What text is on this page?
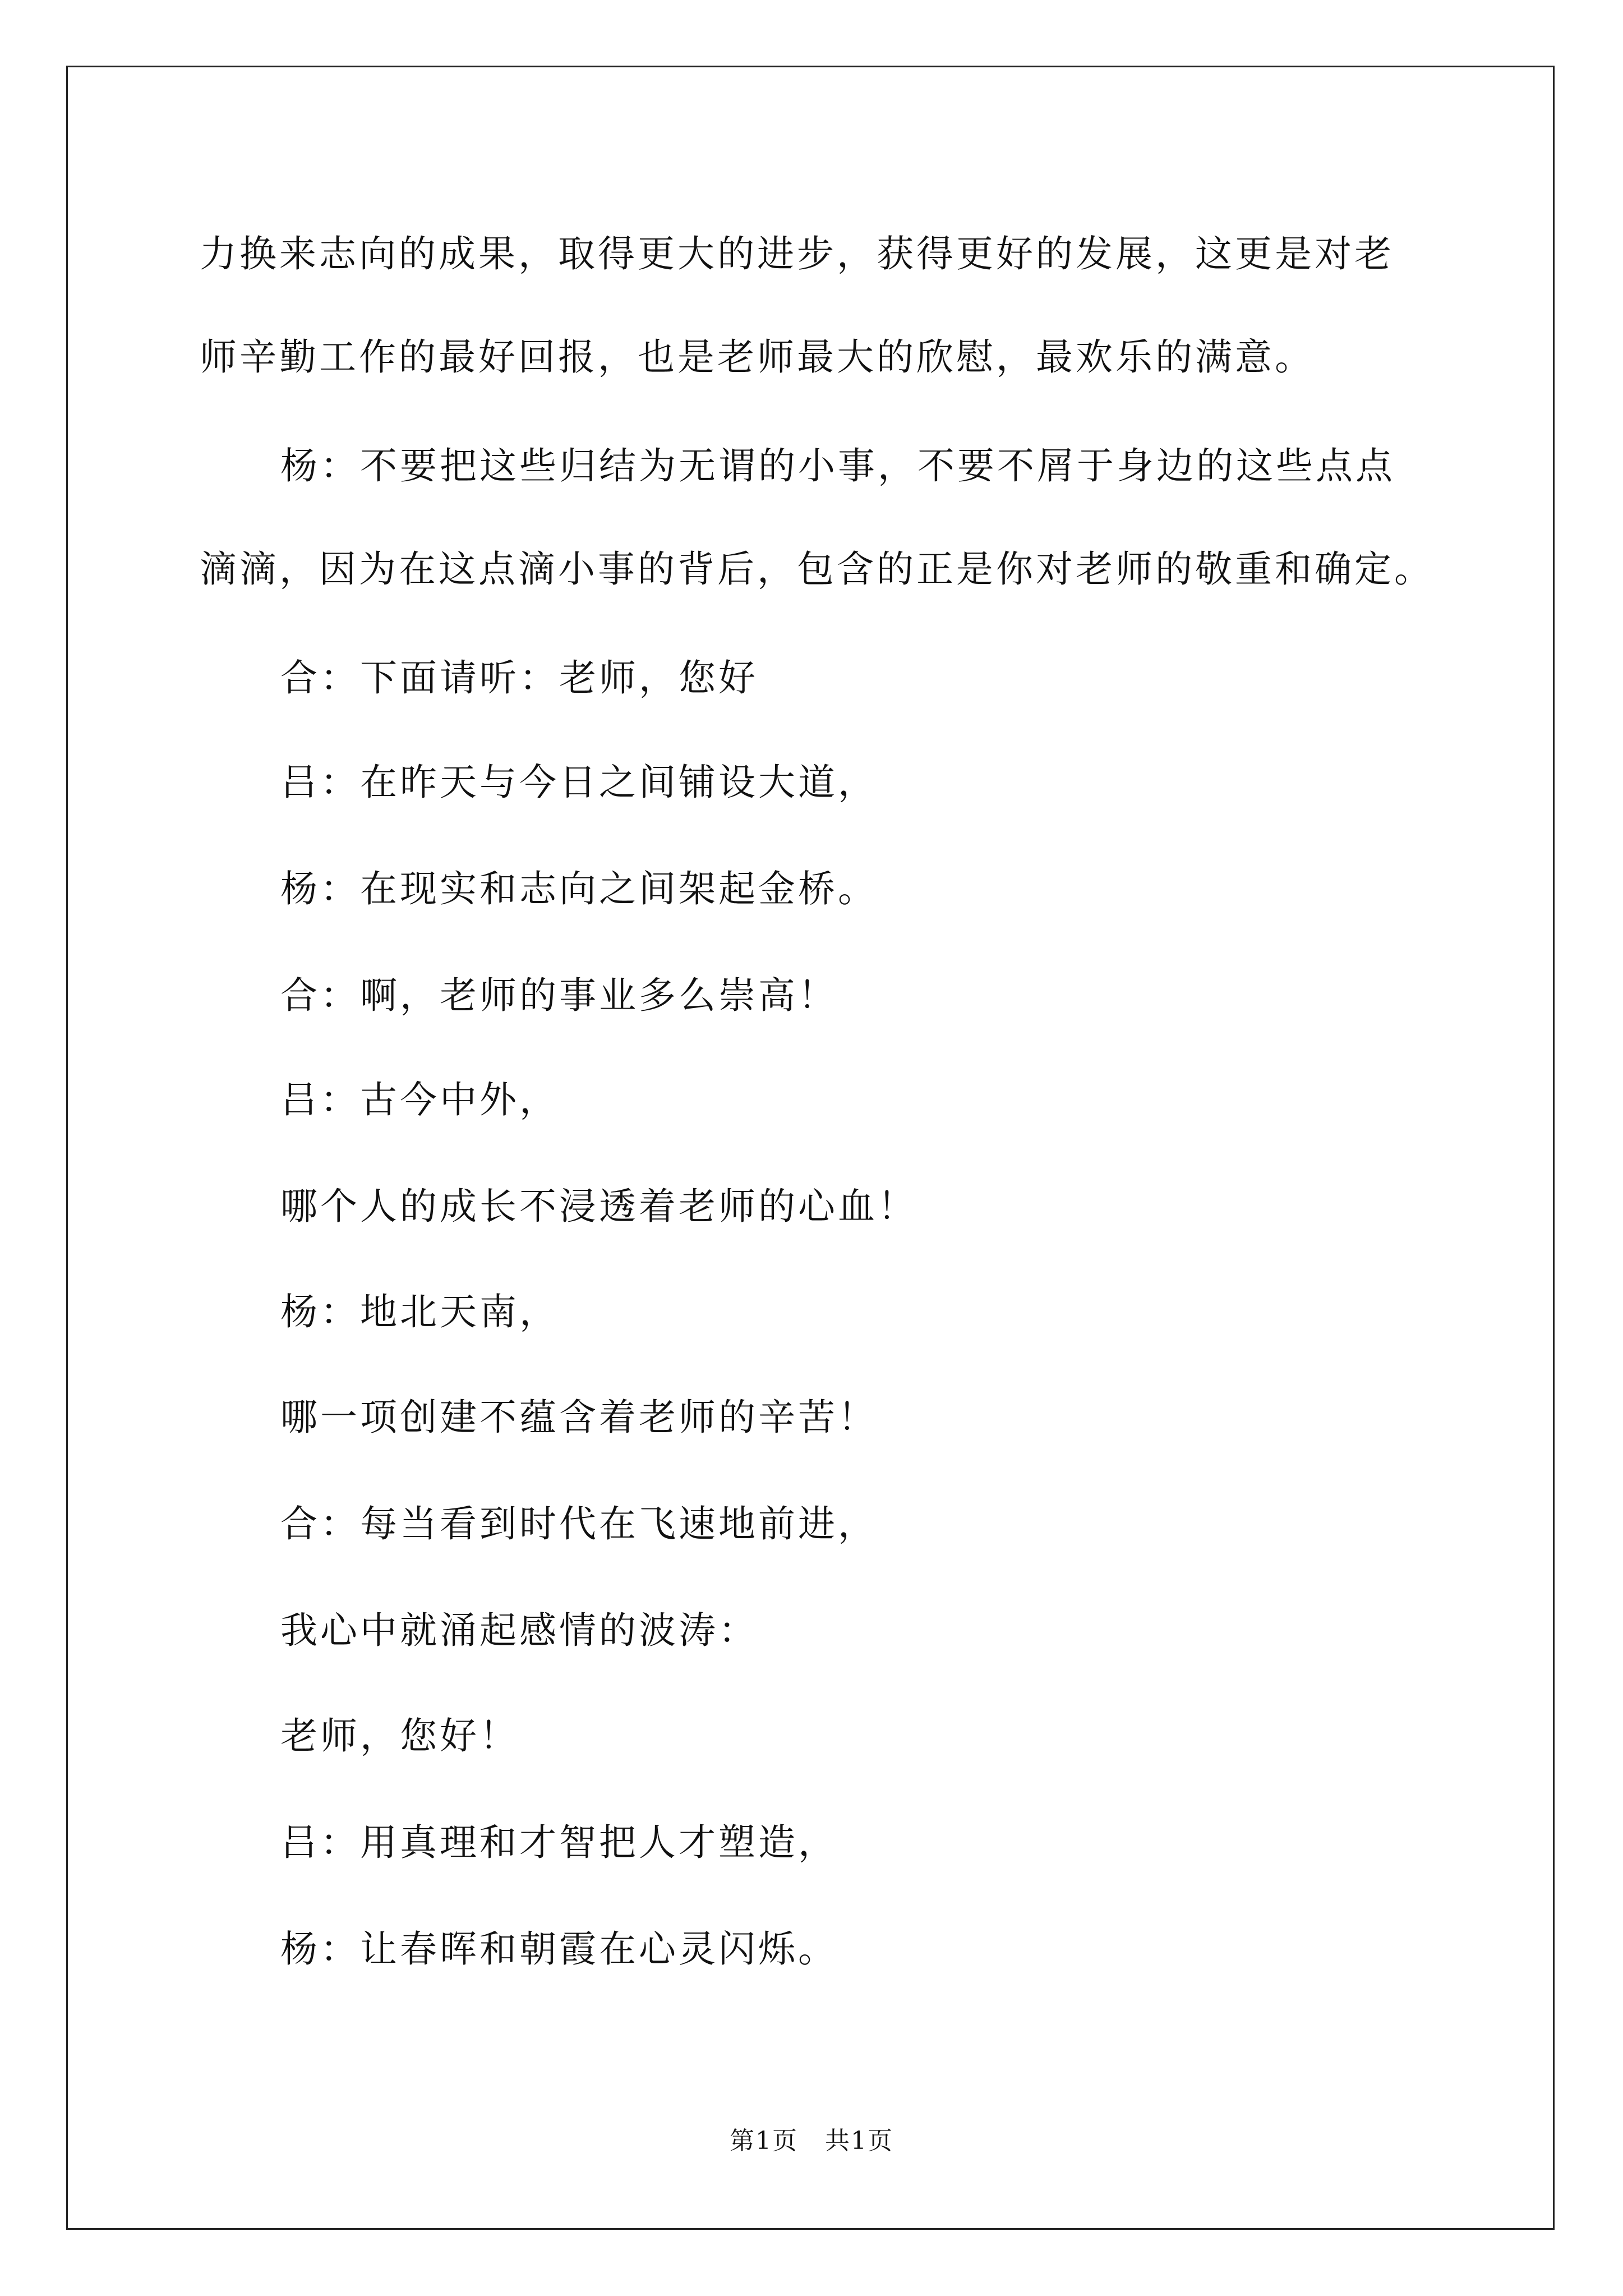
力换来志向的成果，取得更大的进步，获得更好的发展，这更是对老
师辛勤工作的最好回报，也是老师最大的欣慰，最欢乐的满意。
杨：不要把这些归结为无谓的小事，不要不屑于身边的这些点点
滴滴，因为在这点滴小事的背后，包含的正是你对老师的敬重和确定。
合：下面请听：老师，您好
吕：在昨天与今日之间铺设大道，
杨：在现实和志向之间架起金桥。
合：啊，老师的事业多么崇高！
吕：古今中外，
哪个人的成长不浸透着老师的心血！
杨：地北天南，
哪一项创建不蕴含着老师的辛苦！
合：每当看到时代在飞速地前进，
我心中就涌起感情的波涛：
老师，您好！
吕：用真理和才智把人才塑造，
杨：让春晖和朝霞在心灵闪烁。
第1页 共1页
